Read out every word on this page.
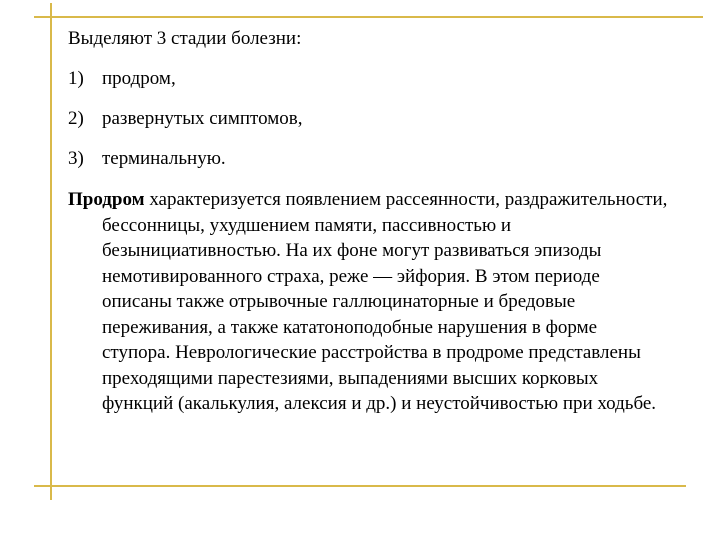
Выделяют 3 стадии болезни:

1) продром,
2) развернутых симптомов,
3) терминальную.

Продром характеризуется появлением рассеянности, раздражительности, бессонницы, ухудшением памяти, пассивностью и безынициативностью. На их фоне могут развиваться эпизоды немотивированного страха, реже — эйфория. В этом периоде описаны также отрывочные галлюцинаторные и бредовые переживания, а также кататоноподобные нарушения в форме ступора. Неврологические расстройства в продроме представлены преходящими парестезиями, выпадениями высших корковых функций (акалькулия, алексия и др.) и неустойчивостью при ходьбе.
